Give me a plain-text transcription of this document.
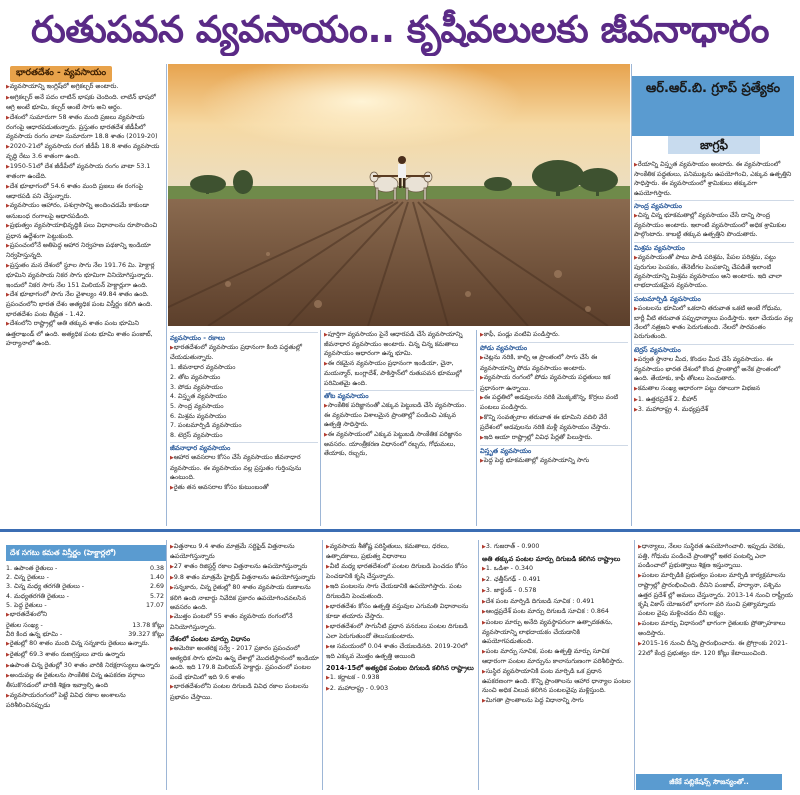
రుతుపవన వ్యవసాయం.. కృషీవలులకు జీవనాధారం
భారతదేశం - వ్యవసాయం

▶ వ్యవసాయాన్ని ఇంగ్లిష్‌లో అగ్రికల్చర్ అంటారు.

▶ అగ్రికల్చర్ అనే పదం లాటిన్ భాషకు చెందింది. లాటిన్ భాషలో ఆగ్రి అంటే భూమి, కల్చర్ అంటే సాగు అని అర్థం.

▶ దేశంలో సుమారుగా 58 శాతం మంది ప్రజలు వ్యవసాయ రంగంపై ఆధారపడుతున్నారు. ప్రస్తుతం భారతదేశ జీడీపీలో వ్యవసాయ రంగం వాటా సుమారుగా 18.8 శాతం (2019-20)

▶ 2020-21లో వ్యవసాయ రంగ జీడీపీ 18.8 శాతం వ్యవసాయ వృద్ధి రేటు 3.6 శాతంగా ఉంది.

▶ 1950-51లో దేశ జీడీపీలో వ్యవసాయ రంగం వాటా 53.1 శాతంగా ఉండేది.

▶ దేశ భూభాగంలో 54.6 శాతం మంది ప్రజలు ఈ రంగంపై ఆధారపడి పని చేస్తున్నారు.

▶ వ్యవసాయం ఆహారం, పశుగ్రాసాన్ని అందించడమే కాకుండా అనుబంధ రంగాలపై ఆధారపడింది.

▶ ప్రభుత్వం వ్యవసాయాభివృద్ధికి పలు విధానాలను రూపొందించి ప్రధాన ఉద్దేశంగా పెట్టుకుంది.

▶ ప్రపంచంలోనే అతిపెద్ద ఆహార నిర్వహణ పథకాన్ని ఇండియా నిర్వహిస్తున్నది.

▶ ప్రస్తుతం మన దేశంలో స్థూల సాగు నేల 191.76 మి. హెక్టార్ల భూమిని వ్యవసాయ నికర సాగు భూమిగా వినియోగిస్తున్నారు. ఇందులో నికర సాగు నేల 151 మిలియన్ హెక్టార్లుగా ఉంది.

▶ దేశ భూభాగంలో సాగు నేల వైశాల్యం 49.84 శాతం ఉంది. ప్రపంచంలోని భారత దేశం అత్యధిక పంట విస్తీర్ణం కలిగి ఉంది. భారతదేశం పంట తీవ్రత - 1.42.

▶ దేశంలోని రాష్ట్రాల్లో అతి తక్కువ శాతం పంట భూమిని ఉత్తరాఖండ్ లో ఉంది. అత్యధిక పంట భూమి శాతం పంజాబ్, హర్యానాలో ఉంది.

ఆర్.ఆర్.బి. గ్రూప్ ప్రత్యేకం
జాగ్రఫీ

▶ రేయాన్ని విస్తృత వ్యవసాయం అంటారు. ఈ వ్యవసాయంలో సాంకేతిక పద్ధతులు, పనిముట్లను ఉపయోగించి, ఎక్కువ ఉత్పత్తిని సాధిస్తారు. ఈ వ్యవసాయంలో శ్రామికులు తక్కువగా ఉపయోగిస్తారు.

సాంద్ర వ్యవసాయం

▶ చిన్న చిన్న భూకమతాల్లో వ్యవసాయం చేసే దాన్ని సాంద్ర వ్యవసాయం అంటారు. ఇలాంటి వ్యవసాయంలో అధిక శ్రామికుల పాల్గొంటారు. కాబట్టి తక్కువ ఉత్పత్తిని పొందుతారు.

మిశ్రమ వ్యవసాయం

▶ వ్యవసాయంతో పాటు పాడి పరిశ్రమ, పేపల పరిశ్రమ, పట్టు పురుగుల పెంపకం, తేనెటీగల పెంపకాన్ని చేపడితే ఇలాంటి వ్యవసాయాన్ని మిశ్రమ వ్యవసాయం అని అంటారు. ఇది చాలా లాభదాయకమైన వ్యవసాయం.

పంటమార్పిడి వ్యవసాయం

▶ పంటలను భూమిలో ఒకదాని తరువాత ఒకటి అంటే గోధుమ, బార్లీ వీటి తరువాత పప్పుధాన్యాలు పండిస్తారు. ఇలా చేయడం వల్ల నేలలో నత్రజని శాతం పెరుగుతుంది. నేలలో సారవంతం పెరుగుతుంది.

టెర్రస్ వ్యవసాయం

▶ పర్వత స్థానాల మీద, కొండల మీద చేసే వ్యవసాయం. ఈ వ్యవసాయం భారత దేశంలో కొండ ప్రాంతాల్లో అనేక ప్రాంతంలో ఉంది. తేయాకు, కాఫీ తోటలు పెంచుతారు.

▶ కమతాల సంఖ్య ఆధారంగా పట్టు రకాలుగా విభజన

▶ 1. ఉత్తరప్రదేశ్ 2. బీహార్

▶ 3. మహారాష్ట్ర 4. మధ్యప్రదేశ్

వ్యవసాయం - రకాలు

▶ భారతదేశంలో వ్యవసాయం ప్రధానంగా కింది పద్ధతుల్లో చేయడుతున్నారు.

1. జీవనాధార వ్యవసాయం

2. తోట వ్యవసాయం

3. పోడు వ్యవసాయం

4. విస్తృత వ్యవసాయం

5. సాంద్ర వ్యవసాయం

6. మిశ్రమ వ్యవసాయం

7. పంటమార్పిడి వ్యవసాయం

8. టెర్రస్ వ్యవసాయం

జీవనాధార వ్యవసాయం

▶ ఆహార అవసరాల కోసం చేసే వ్యవసాయం జీవనాధార వ్యవసాయం. ఈ వ్యవసాయం వల్ల ప్రస్తుతం గుర్తింపును ఉంటుంది.

▶ రైతు తన అవసరాల కోసం కుటుంబంతో

▶ పూర్తిగా వ్యవసాయం పైనే ఆధారపడి చేసే వ్యవసాయాన్ని జీవనాధార వ్యవసాయం అంటారు. చిన్న చిన్న కమతాలు వ్యవసాయం ఆధారంగా ఉన్న భూమి.

▶ ఈ రకమైన వ్యవసాయం ప్రధానంగా ఇండియా, చైనా, మయన్మార్, బంగ్లాదేశ్, పాకిస్తాన్‌లో రుతుపవన భూముల్లో పరిమితమై ఉంది.

తోట వ్యవసాయం

▶ సాంకేతిక పరిజ్ఞానంతో ఎక్కువ పెట్టుబడి చేసే వ్యవసాయం. ఈ వ్యవసాయం విశాలమైన ప్రాంతాల్లో పండించి ఎక్కువ ఉత్పత్తి సాధిస్తారు.

▶ ఈ వ్యవసాయంలో ఎక్కువ పెట్టుబడి సాంకేతిక పరిజ్ఞానం అవసరం. యాంత్రీకరణ విధానంలో రబ్బరు, గోధుమలు, తేయాకు, రబ్బరు,

▶ కాఫీ, పండ్లు వంటివి పండిస్తారు.

పోడు వ్యవసాయం

▶ చెట్లను నరికి, కాల్చి ఆ ప్రాంతంలో సాగు చేసే ఈ వ్యవసాయాన్ని పోడు వ్యవసాయం అంటారు.

▶ వ్యవసాయ రంగంలో పోడు వ్యవసాయ పద్ధతులు ఇక ప్రధానంగా ఉన్నాయి.

▶ ఈ పద్ధతిలో అడవులను నరికి మొక్కజొన్న, కొర్రలు వంటి పంటలు పండిస్తారు.

▶ కొన్ని సంవత్సరాల తరువాత ఈ భూమిని వదిలి వేరే ప్రదేశంలో అడవులను నరికి మళ్లీ వ్యవసాయం చేస్తారు.

▶ ఇది ఆయా రాష్ట్రాల్లో వివిధ పేర్లతో పిలుస్తారు.

విస్తృత వ్యవసాయం

▶ పెద్ద పెద్ద భూకమతాల్లో వ్యవసాయాన్ని సాగు

దేశ సగటు కమత విస్తీర్ణం (హెక్టార్లలో)
1. ఉపాంత రైతులు -	0.38
2. చిన్న రైతులు -	1.40
3. చిన్న మధ్య తరగతి రైతులు -	2.69
4. మధ్యతరగతి రైతులు -	5.72
5. పెద్ద రైతులు -	17.07

▶ భారతదేశంలోని

రైతుల సంఖ్య -	13.78 కోట్లు
వీరి కింద ఉన్న భూమి -	39.327 కోట్లు

▶ రైతుల్లో 80 శాతం మంది చిన్న సన్నకారు రైతులు ఉన్నారు.

▶ రైతుల్లో 69.3 శాతం రుణగ్రస్తులు వారు ఉన్నారు

▶ ఉపాంత చిన్న రైతుల్లో 30 శాతం వారికి నిరక్షరాస్యులు ఉన్నారు

▶ అందువల్ల ఈ రైతులను సాంకేతిక చిన్న ఉపకరణ వర్గాలు తీసుకొనడంలో వారికి శిక్షణ ఇవ్వాల్సి ఉంది

▶ వ్యవసాయరంగంలో పెట్టే వివిధ రకాల అంశాలను పరిశీలించినప్పుడు

▶ విత్తనాలు 9.4 శాతం మాత్రమే సర్టిఫైడ్ విత్తనాలను ఉపయోగిస్తున్నారు

▶ 27 శాతం రిజిస్టర్డ్ రకాల విత్తనాలను ఉపయోగిస్తున్నారు

▶ 9.8 శాతం మాత్రమే హైబ్రిడ్ విత్తనాలను ఉపయోగిస్తున్నారు

▶ సన్నకారు, చిన్న రైతుల్లో 80 శాతం వ్యవసాయ రుణాలను కలిగి ఉంది నాబార్డు నివేదిక ప్రకారం ఉపయోగించవలసిన అవసరం ఉంది.

▶ మొత్తం పంటలో 55 శాతం వ్యవసాయ రంగంలోనే వినియోగిస్తున్నారు.

దేశంలో పంటల మార్పు విధానం

▶ అమెరికా అంతరిక్ష సర్వే - 2017 ప్రకారం ప్రపంచంలో అత్యధిక సాగు భూమి ఉన్న దేశాల్లో మొదటిస్థానంలో ఇండియా ఉంది. ఇది 179.8 మిలియన్ హెక్టార్లు. ప్రపంచంలో పంటల పండే భూమిలో ఇది 9.6 శాతం

▶ భారతదేశంలోని పంటల దిగుబడి వివిధ రకాల పంటలను ప్రభావం చేస్తాయి.

▶ వ్యవసాయ శీతోష్ణ పరిస్థితులు, కమతాలు, ధరలు, ఉత్పాదకాలు, ప్రభుత్వ విధానాలు

▶ వీటి మధ్య భారతదేశంలో పంటల దిగుబడి పెంచడం కోసం పెంచడానికి కృషి చేస్తున్నారు.

▶ ఇది పంటలను సాగు చేయడానికి ఉపయోగిస్తారు. పంట దిగుబడిని పెంచుతుంది.

▶ భారతదేశం కోసం ఉత్పత్తి వస్తువుల ఎగుమతి విధానాలను కూడా తయారు చేస్తారు.

▶ భారతదేశంలో సాగునీటి ప్రధాన వనరులు పంటల దిగుబడి ఎలా పెరుగుతుందో తెలుసుకుంటారు.

▶ ఆ సమయంలో 0.04 శాతం చేయబడినది. 2019-20లో ఇది ఎక్కువ మొత్తం ఉత్పత్తి అయింది

2014-15లో అత్యధిక పంటల దిగుబడి కలిగిన రాష్ట్రాలు

▶ 1. కర్ణాటక - 0.938

▶ 2. మహారాష్ట్ర - 0.903

▶ 3. గుజరాత్ - 0.900

అతి తక్కువ పంటల మార్పు దిగుబడి కలిగిన రాష్ట్రాలు

▶ 1. ఒడిశా - 0.340

▶ 2. ఛత్తీస్‌గఢ్ - 0.491

▶ 3. జార్ఖండ్ - 0.578

▶ దేశ పంట మార్పిడి దిగుబడి సూచిక : 0.491

▶ ఆంధ్రప్రదేశ్ పంట మార్పు దిగుబడి సూచిక : 0.864

▶ పంటల మార్పు అనేది వ్యవస్థాపరంగా ఉత్పాదకతను, వ్యవసాయాన్ని లాభదాయకం చేయడానికి ఉపయోగపడుతుంది.

▶ పంట మార్పు సూచిక, పంట ఉత్పత్తి మార్పు సూచిక ఆధారంగా పంటల మార్పును కాలానుగుణంగా పరిశీలిస్తారు.

▶ సుస్థిర వ్యవసాయానికి పంట మార్పిడి ఒక ప్రధాన ఉపకరణంగా ఉంది. కొన్ని ప్రాంతాలను ఆహార ధాన్యాల పంటల నుంచి అధిక విలువ కలిగిన పంటలవైపు మళ్లిస్తుంది.

▶ మిగతా ప్రాంతాలను పెద్ద విధానాన్ని సాగు

▶ ధాన్యాలు, నేలల సుస్థిరత ఉపయోగించాలి. ఇప్పుడు చెరకు, పత్తి, గోధుమ పండించే ప్రాంతాల్లో ఇతర పంటల్ని ఎలా పండించాలో ప్రభుత్వాలు శిక్షణ ఇస్తున్నాయి.

▶ పంటల మార్పిడికి ప్రభుత్వం పంటల మార్పిడి కార్యక్రమాలను రాష్ట్రాల్లో ప్రారంభించింది. దీనిని పంజాబ్, హర్యానా, పశ్చిమ ఉత్తర ప్రదేశ్ ల్లో అమలు చేస్తున్నారు. 2013-14 నుంచి రాష్ట్రీయ కృషి వికాస్ యోజనలో భాగంగా వరి నుంచి ప్రత్యామ్నాయ పంటల వైపు మళ్లించడం దీని లక్ష్యం.

▶ పంటల మార్పు విధానంలో భాగంగా రైతులకు ప్రోత్సాహకాలు అందిస్తారు.

▶ 2015-16 నుంచి దీన్ని ప్రారంభించారు. ఈ ప్రోగ్రాంకు 2021-22లో కేంద్ర ప్రభుత్వం రూ. 120 కోట్లు కేటాయించింది.

జీకేకే పబ్లికేషన్స్ సౌజన్యంతో..
